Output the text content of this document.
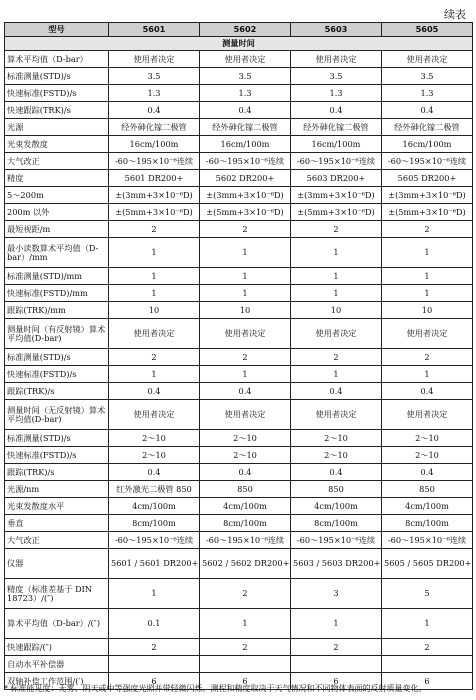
续表
型号	5601	5602	5603	5605
测量时间				
算术平均值（D-bar）	使用者决定	使用者决定	使用者决定	使用者决定
标准测量(STD)/s	3.5	3.5	3.5	3.5
快速标准(FSTD)/s	1.3	1.3	1.3	1.3
快速跟踪(TRK)/s	0.4	0.4	0.4	0.4
光源	经外砷化镓二极管	经外砷化镓二极管	经外砷化镓二极管	经外砷化镓二极管
光束发散度	16cm/100m	16cm/100m	16cm/100m	16cm/100m
大气改正	-60～195×10⁻⁶连续	-60～195×10⁻⁶连续	-60～195×10⁻⁶连续	-60～195×10⁻⁶连续
精度	5601 DR200+	5602 DR200+	5603 DR200+	5605 DR200+
5～200m	±(3mm+3×10⁻⁶D)	±(3mm+3×10⁻⁶D)	±(3mm+3×10⁻⁶D)	±(3mm+3×10⁻⁶D)
200m 以外	±(5mm+3×10⁻⁶D)	±(5mm+3×10⁻⁶D)	±(5mm+3×10⁻⁶D)	±(5mm+3×10⁻⁶D)
最短视距/m	2	2	2	2
最小读数算术平均值（D-bar）/mm	1	1	1	1
标准测量(STD)/mm	1	1	1	1
快速标准(FSTD)/mm	1	1	1	1
跟踪(TRK)/mm	10	10	10	10
测量时间（有反射镜）算术平均值(D-bar)	使用者决定	使用者决定	使用者决定	使用者决定
标准测量(STD)/s	2	2	2	2
快速标准(FSTD)/s	1	1	1	1
跟踪(TRK)/s	0.4	0.4	0.4	0.4
测量时间（无反射镜）算术平均值(D-bar)	使用者决定	使用者决定	使用者决定	使用者决定
标准测量(STD)/s	2～10	2～10	2～10	2～10
快速标准(FSTD)/s	2～10	2～10	2～10	2～10
跟踪(TRK)/s	0.4	0.4	0.4	0.4
光源/nm	红外激光二极管 850	850	850	850
光束发散度水平	4cm/100m	4cm/100m	4cm/100m	4cm/100m
垂直	8cm/100m	8cm/100m	8cm/100m	8cm/100m
大气改正	-60～195×10⁻⁶连续	-60～195×10⁻⁶连续	-60～195×10⁻⁶连续	-60～195×10⁻⁶连续
仪器	5601 / 5601 DR200+	5602 / 5602 DR200+	5603 / 5603 DR200+	5605 / 5605 DR200+
精度（标准差基于 DIN 18723）/(″)	1	2	3	5
算术平均值（D-bar）/(″)	0.1	1	1	1
快速跟踪/(″)	2	2	2	2
自动水平补偿器				
双轴补偿工作范围/(′)	6	6	6	6
* 标准能见度：无雾、阴天或中等强度光照并带轻微闪烁。测程和精度取决于天气情况和不同物体表面的反射质量变化。
